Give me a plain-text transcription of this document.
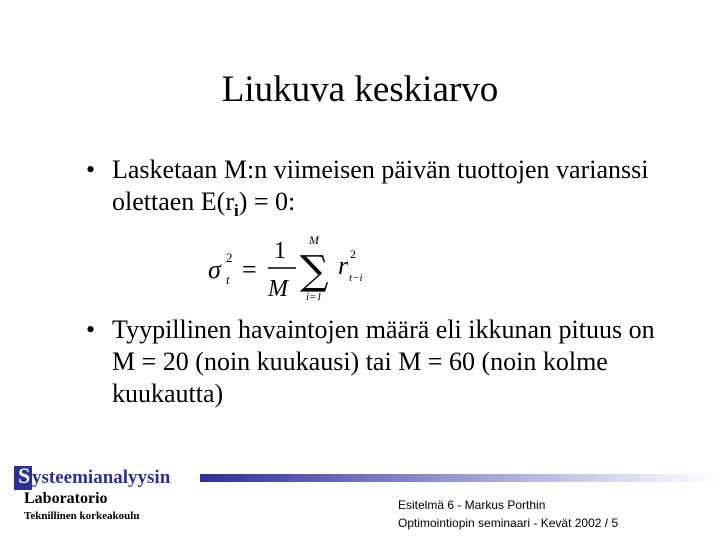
Liukuva keskiarvo
• Lasketaan M:n viimeisen päivän tuottojen varianssi olettaen $E(r_i) = 0$:
σ 2
t =
1
M
M
∑
i=1
r 2
t−i
• Tyypillinen havaintojen määrä eli ikkunan pituus on M = 20 (noin kuukausi) tai M = 60 (noin kolme kuukautta)
S ysteemianalyysin
Laboratorio
Teknillinen korkeakoulu
Esitelmä 6 - Markus Porthin
Optimointiopin seminaari - Kevät 2002 / 5
